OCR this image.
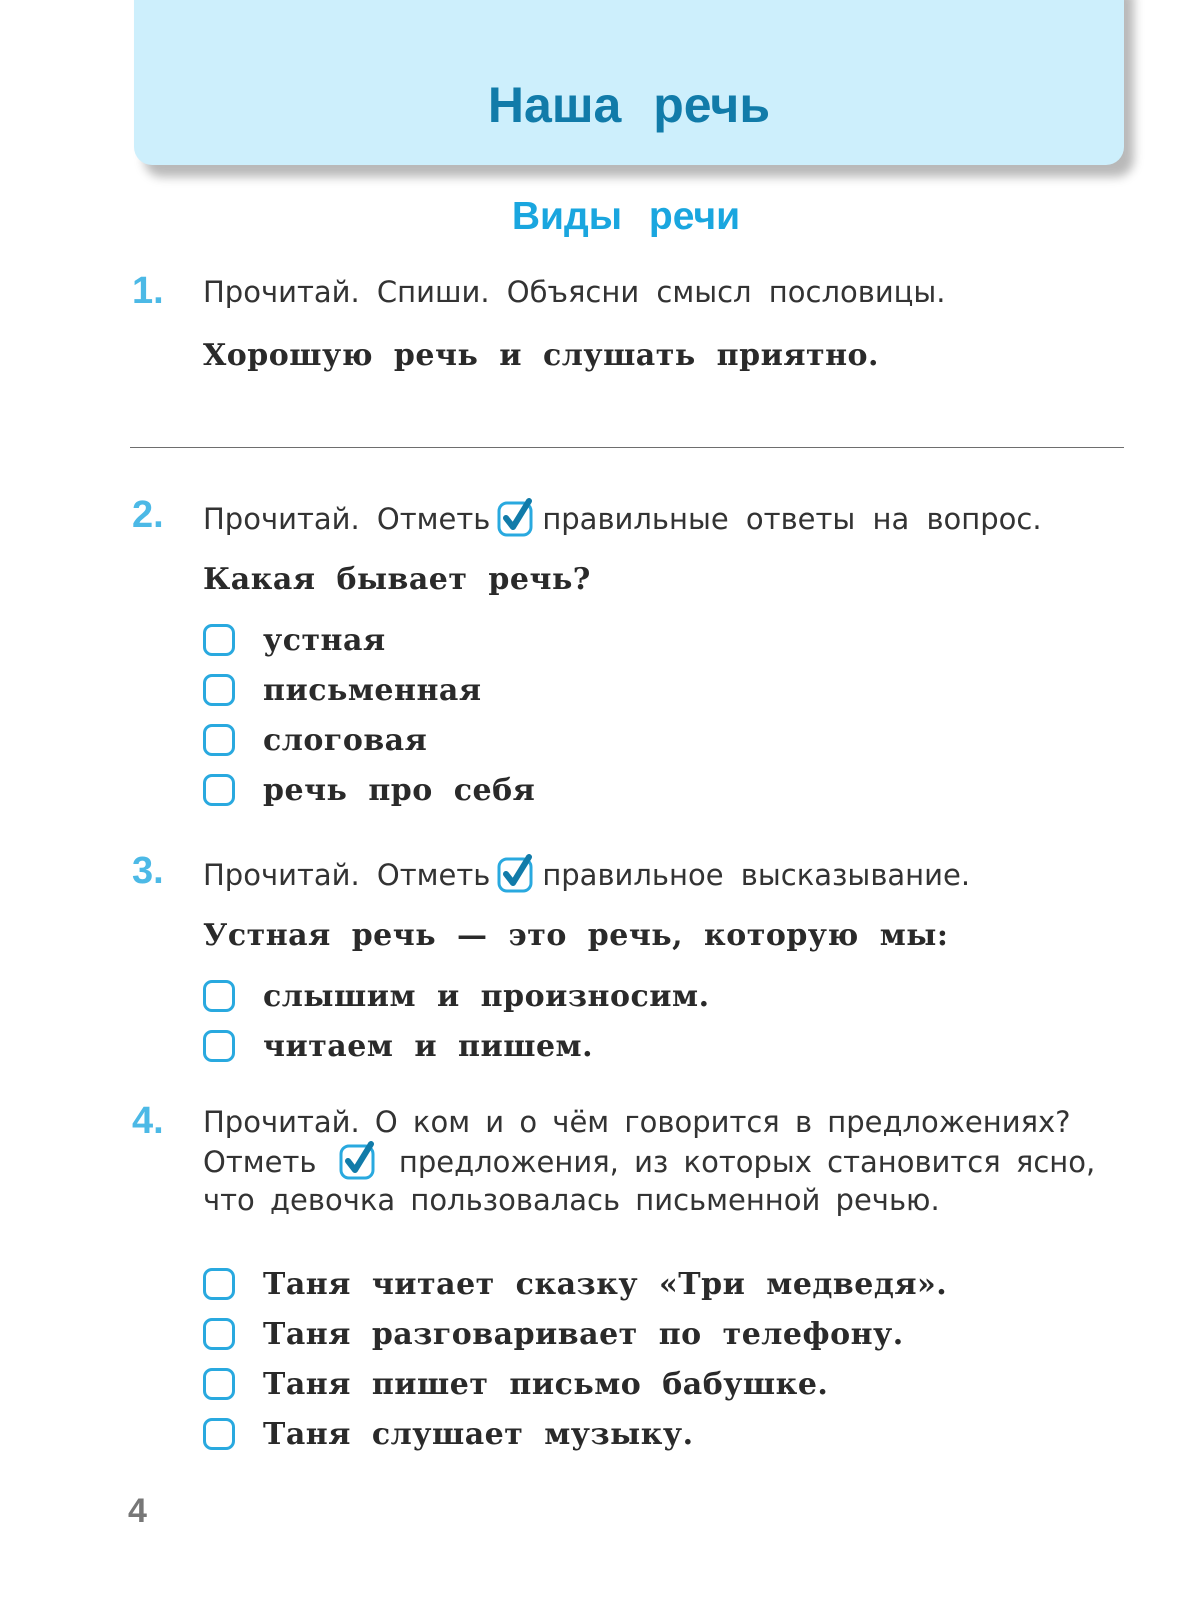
Наша речь
Виды речи
1. Прочитай. Спиши. Объясни смысл пословицы.
Хорошую речь и слушать приятно.
2. Прочитай. Отметь правильные ответы на вопрос.
Какая бывает речь?
устная
письменная
слоговая
речь про себя
3. Прочитай. Отметь правильное высказывание.
Устная речь — это речь, которую мы:
слышим и произносим.
читаем и пишем.
4. Прочитай. О ком и о чём говорится в предложениях?
Отметь	предложения, из которых становится ясно,
что девочка пользовалась письменной речью.

Таня читает сказку «Три медведя».
Таня разговаривает по телефону.
Таня пишет письмо бабушке.
Таня слушает музыку.
4
